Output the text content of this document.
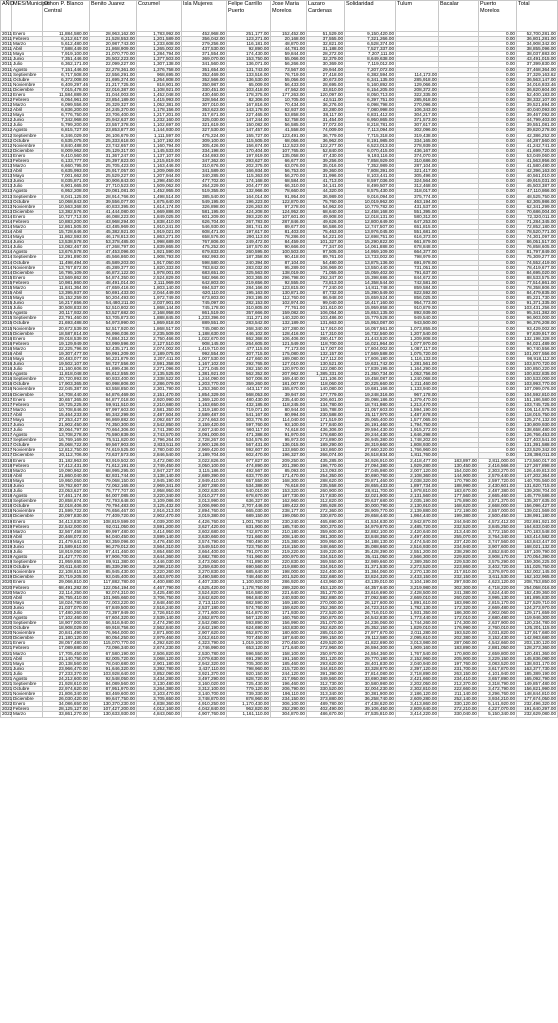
AÑO	MES/Municipio	Othon P. Blanco Central	Benito Juarez	Cozumel	Isla Mujeres	Felipe Carrillo Puerto	Jose Maria Morelos	Lazaro Cardenas	Solidaridad	Tulum	Bacalar	Puerto Morelos	Total
2011	Enero	11,884,580.00	28,963,162.00	1,783,992.00	452,968.00	251,177.00	152,452.00	51,529.00	9,150,420.00			0.00	52,700,281.00
2011	Febrero	6,212,617.00	21,528,553.00	1,201,589.00	356,042.00	123,271.00	20,168.00	37,555.00	7,321,266.00			0.00	36,801,281.00
2011	Marzo	5,612,480.00	20,987,743.00	1,233,608.00	279,256.00	116,181.00	48,870.00	32,821.00	6,528,374.00			0.00	34,908,342.00
2011	Abril	7,588,449.00	21,868,909.00	1,265,002.00	437,530.00	92,890.00	44,781.00	31,188.00	7,527,337.00			0.00	38,855,096.00
2011	Mayo	7,919,100.00	21,070,770.00	1,284,794.00	371,554.00	174,430.00	59,844.00	28,272.00	7,207,111.00			0.00	38,037,883.00
2011	Junio	7,351,446.00	25,502,223.00	1,377,503.00	369,070.00	153,750.00	55,066.00	32,379.00	8,649,638.00			0.00	43,491,015.00
2011	Julio	6,362,171.00	22,099,227.00	1,307,138.00	341,560.00	136,071.00	56,266.00	30,369.00	7,119,012.00			0.00	37,399,830.00
2011	Agosto	7,151,446.00	22,278,361.00	1,376,758.00	351,654.00	131,743.00	73,567.00	29,944.00	7,207,072.00			0.00	37,468,364.00
2011	Septiembre	6,717,508.00	22,556,291.00	968,695.00	352,469.00	133,516.00	76,719.00	27,418.00	6,382,594.00	114,173.00		0.00	37,329,163.62
2011	Octubre	6,372,008.00	21,695,374.00	1,264,808.00	352,566.00	136,530.00	55,056.00	30,673.00	6,341,135.00	285,918.00		0.00	36,563,147.00
2011	Noviembre	6,409,297.46	21,217,725.00	818,901.00	350,987.00	65,009.00	56,433.00	28,695.00	5,160,892.00	129,066.00		0.00	34,016,933.46
2011	Diciembre	7,015,478.00	22,016,387.00	1,108,921.00	330,451.00	103,418.00	47,562.00	33,810.00	6,154,205.00	208,372.00		0.00	36,820,604.00
2012	Enero	11,584,889.00	31,044,003.00	1,452,048.00	430,460.00	178,375.00	177,263.00	120,097.00	8,050,713.00	322,335.00		0.00	52,400,183.00
2012	Febrero	6,054,961.00	23,854,189.00	1,415,993.00	328,564.00	82,306.00	10,705.00	42,511.00	6,397,751.00	285,918.00		0.00	38,332,107.00
2012	Marzo	6,099,556.00	25,329,327.00	1,052,381.00	307,010.00	167,816.00	70,434.00	36,276.00	6,098,798.00	270,096.00		0.00	39,521,694.00
2012	Abril	6,836,200.00	24,245,370.00	1,178,156.00	353,623.00	143,178.00	62,937.00	33,280.00	7,080,998.00	106,343.00		0.00	40,040,093.00
2012	Mayo	6,776,750.00	23,706,400.00	1,217,201.00	317,671.00	227,465.00	53,858.00	38,117.00	6,831,412.00	304,217.00		0.00	39,467,092.00
2012	Junio	7,342,968.00	25,942,637.00	1,232,160.00	325,030.00	147,244.00	52,758.00	31,454.00	6,950,865.00	371,573.00		0.00	44,799,403.00
2012	Julio	5,799,200.00	23,557,378.00	1,102,697.00	321,619.00	150,082.00	56,585.00	37,072.00	8,218,781.00	307,617.00		0.00	39,551,081.00
2012	Agosto	6,815,727.00	23,853,877.00	1,144,930.00	327,530.00	147,457.00	41,558.00	74,009.00	7,113,094.00	302,096.00		0.00	39,820,278.00
2012	Septiembre	6,346,029.00	26,106,679.00	1,111,597.00	475,224.00	155,727.00	123,491.00	36,779.00	7,715,318.00	319,438.00		0.00	42,386,252.00
2012	Octubre	6,535,075.00	25,333,618.00	1,107,192.00	309,100.00	115,505.00	68,056.00	36,962.00	8,191,985.00	334,165.00		0.00	44,287,560.00
2012	Noviembre	8,840,488.00	23,742,657.00	1,160,794.00	305,426.00	156,674.00	112,523.00	122,277.00	6,523,013.00	278,939.00		0.00	41,242,741.00
2012	Diciembre	8,009,962.00	25,129,317.00	1,145,533.00	334,198.00	170,404.00	107,765.00	52,840.00	6,070,415.00	436,167.00		0.00	41,699,720.00
2013	Enero	9,410,560.00	31,367,247.00	1,137,107.00	434,693.00	197,919.00	135,058.00	47,430.00	9,193,116.00	374,070.00		0.00	53,049,060.00
2013	Febrero	6,133,777.00	25,397,823.00	1,215,819.00	347,362.00	293,627.00	66,677.00	39,256.00	7,858,929.00	310,686.00		0.00	41,563,956.00
2013	Marzo	6,660,795.00	25,705,423.00	1,163,446.00	310,676.00	202,375.00	63,076.00	35,016.00	7,352,989.00	287,104.00		0.00	41,580,480.00
2013	Abril	6,635,993.00	25,917,057.00	1,209,069.00	341,589.00	166,934.00	56,753.00	39,360.00	7,808,391.00	321,417.00		0.00	42,396,163.00
2013	Mayo	7,001,662.00	25,529,227.00	1,207,944.00	340,285.00	115,363.00	56,270.00	31,996.00	8,103,441.00	305,496.00		0.00	40,561,010.00
2013	Junio	8,035,871.00	30,906,843.00	1,298,450.00	477,702.00	174,168.00	68,584.00	41,713.00	8,597,036.00	324,564.00		0.00	49,915,031.00
2013	Julio	6,901,665.00	27,710,523.00	1,509,062.00	264,229.00	204,477.00	66,310.00	34,141.00	8,499,507.00	312,468.00		0.00	45,503,387.00
2013	Agosto	6,952,208.00	29,081,081.00	1,452,955.00	519,355.00	132,966.00	78,660.00	44,320.00	8,575,430.00	318,017.00		0.00	47,110,866.00
2013	Septiembre	8,041,125.00	28,914,766.00	1,498,514.00	385,540.00	164,014.00	91,954.00	36,989.00	9,016,094.00	375,774.00		0.00	48,525,750.00
2013	Octubre	10,068,843.00	39,556,077.00	1,675,640.00	549,195.00	196,223.00	122,870.00	75,760.00	10,019,962.00	463,194.00		0.00	62,305,986.00
2013	Noviembre	10,563,368.00	40,833,395.00	1,614,174.00	326,898.00	226,263.00	97,278.00	54,962.00	10,779,782.00	431,537.00		0.00	62,341,299.00
2013	Diciembre	13,382,576.00	41,444,080.00	1,669,886.00	581,195.00	424,208.00	124,952.00	68,640.00	12,458,168.00	551,395.00		0.00	70,686,004.00
2014	Enero	10,727,713.00	46,088,223.00	1,849,025.00	601,209.00	393,220.00	107,601.00	49,908.00	12,018,131.00	580,312.00		0.00	72,320,011.00
2014	Febrero	10,883,200.00	43,968,294.00	1,838,410.00	626,704.00	267,783.00	287,846.00	49,626.00	12,800,649.00	647,253.00		0.00	71,284,345.00
2014	Marzo	12,861,505.00	43,485,969.00	1,910,241.00	546,930.00	381,741.00	89,677.00	56,586.00	12,747,507.00	651,815.00		0.00	72,852,180.00
2014	Abril	15,728,646.00	45,382,921.00	1,919,021.00	608,471.00	197,617.00	81,403.00	75,463.00	13,976,045.00	551,681.00		0.00	78,520,771.00
2014	Mayo	11,862,593.00	46,178,813.00	1,863,271.00	658,576.00	290,113.00	78,286.00	54,221.00	12,698,751.00	616,373.00		0.00	74,301,097.00
2014	Junio	13,538,578.00	53,378,485.00	1,998,689.00	767,806.00	249,472.00	84,459.00	101,327.00	15,290,822.00	661,879.00		0.00	86,051,517.00
2014	Julio	13,082,467.00	47,268,797.00	1,839,865.00	475,252.00	187,570.00	90,666.00	77,347.00	14,061,888.00	678,848.00		0.00	76,858,605.00
2014	Agosto	13,676,578.00	47,453,096.00	1,921,590.00	679,833.00	260,595.00	100,503.00	97,505.00	14,959,109.00	664,377.00		0.00	81,797,849.00
2014	Septiembre	12,291,890.00	45,566,860.00	1,908,793.00	692,993.00	187,358.00	90,418.00	89,761.00	13,733,002.00	798,979.00		0.00	75,309,277.00
2014	Octubre	11,498,494.00	45,589,203.00	1,917,050.00	598,580.00	240,394.00	87,104.00	54,480.00	13,875,136.00	691,978.00		0.00	74,552,419.00
2014	Noviembre	13,767,872.00	45,289,377.00	1,820,333.00	783,842.00	283,032.00	95,289.00	106,969.00	13,550,440.00	731,051.00		0.00	78,419,677.00
2014	Diciembre	16,795,109.00	46,872,122.00	1,978,001.00	683,651.00	325,563.00	138,019.00	71,055.00	15,059,402.00	791,637.00		0.00	84,695,020.00
2015	Enero	13,569,862.00	54,874,350.00	2,524,829.00	582,966.00	303,365.00	296,798.00	292,347.00	15,398,686.00	844,672.00		0.00	88,533,575.00
2015	Febrero	10,981,860.00	48,491,014.00	2,111,969.00	642,803.00	219,656.00	92,555.00	73,813.00	14,358,544.00	742,581.00		0.00	77,514,861.00
2015	Marzo	11,841,364.00	47,659,416.00	1,803,140.00	694,537.00	284,166.00	123,815.00	77,240.00	14,811,748.00	859,584.00		0.00	78,358,806.00
2015	Abril	13,395,937.00	50,691,433.00	2,044,449.00	620,110.00	195,163.00	130,871.00	87,732.00	15,390,549.00	822,592.00		0.00	84,479,835.00
2015	Mayo	15,152,259.00	50,204,493.00	1,972,749.00	673,803.00	293,195.00	112,760.00	86,948.00	15,659,524.00	856,025.00		0.00	85,221,730.00
2015	Junio	16,217,656.00	54,480,211.00	2,037,901.00	745,097.00	282,153.00	102,974.00	99,040.00	16,417,160.00	954,773.00		0.00	91,371,335.00
2015	Julio	30,508,833.00	52,510,802.00	1,868,144.00	745,178.00	310,805.00	77,761.00	101,610.00	15,959,858.00	910,879.00		0.00	103,431,256.00
2015	Agosto	20,117,932.00	53,527,682.00	2,168,958.00	861,519.00	357,666.00	159,082.00	106,054.00	15,653,135.00	892,939.00		0.00	95,341,382.00
2015	Septiembre	23,791,460.00	53,705,873.00	1,888,845.00	1,233,396.00	311,271.00	140,320.00	103,486.00	15,779,528.00	949,540.00		0.00	96,903,000.00
2015	Octubre	21,693,488.00	54,973,990.00	1,869,818.00	889,551.00	283,542.00	132,189.00	131,663.00	15,953,087.00	943,500.00		0.00	96,376,208.00
2015	Noviembre	20,672,539.00	52,517,920.00	1,868,517.00	745,080.00	268,340.00	107,280.00	117,910.00	16,057,561.00	1,073,855.00		0.00	93,429,002.00
2015	Diciembre	18,587,814.00	56,996,036.00	2,235,509.00	1,188,630.00	446,102.00	128,416.00	117,310.00	16,732,560.00	1,207,540.00		0.00	97,639,917.00
2016	Enero	29,018,539.00	74,884,312.00	2,750,466.00	1,022,670.00	862,368.00	106,406.00	280,417.00	21,443,520.00	1,209,808.00		0.00	132,198,328.00
2016	Febrero	19,129,949.00	53,999,596.00	2,127,510.00	908,145.00	264,605.00	121,549.00	118,700.00	16,021,964.00	1,077,970.00		0.00	94,021,489.00
2016	Marzo	22,225,796.00	52,435,171.00	2,074,002.00	1,419,710.00	477,115.00	77,173.00	117,007.00	17,604,002.00	1,087,117.00		0.00	90,740,556.00
2016	Abril	19,307,477.00	59,991,209.00	2,189,075.00	992,554.00	307,715.00	175,080.00	132,157.00	17,569,588.00	1,075,720.00		0.00	101,007,556.00
2016	Mayo	20,483,077.00	56,221,879.00	2,207,411.00	1,007,530.00	427,660.00	189,080.00	127,112.00	17,606,180.00	1,116,133.00		0.00	98,918,112.00
2016	Junio	19,502,107.00	58,727,556.00	2,591,358.00	1,167,102.00	292,765.00	127,010.00	130,521.00	19,631,742.00	1,281,561.00		0.00	103,570,720.00
2016	Julio	21,160,606.00	61,699,436.00	2,271,096.00	1,271,045.00	282,150.00	120,970.00	122,080.00	17,839,195.00	1,164,290.00		0.00	100,850,220.00
2016	Agosto	11,818,048.00	65,612,555.00	2,135,525.00	1,381,921.00	562,352.00	207,962.00	1,385,331.00	21,350,734.00	1,052,756.00		0.00	100,832,835.00
2016	Septiembre	20,720,993.00	60,933,400.00	2,338,522.00	1,244,090.00	507,006.00	169,440.00	121,106.00	19,458,087.00	1,240,068.00		0.00	100,533,000.00
2016	Octubre	17,903,365.00	60,998,806.00	2,286,079.00	1,203,770.00	359,260.00	181,007.00	118,060.00	20,225,660.00	1,211,460.00		0.00	103,993,770.00
2016	Noviembre	22,045,387.00	63,558,850.00	2,301,790.00	1,253,360.00	443,117.00	155,670.00	140,080.00	19,681,166.00	1,133,940.00		0.00	107,099,076.00
2016	Diciembre	14,708,440.00	64,876,469.00	2,151,470.00	1,854,329.00	568,053.00	39,947.00	177,779.00	19,248,316.00	967,178.00		0.00	104,592,810.00
2017	Enero	30,657,365.00	84,877,018.00	2,920,990.00	1,369,120.00	480,430.00	235,440.00	206,601.00	25,098,186.00	1,379,470.00		0.00	151,186,580.00
2017	Febrero	19,725,225.00	59,911,510.00	2,210,680.00	1,163,650.00	432,185.00	118,245.00	134,780.00	18,741,980.00	1,213,470.00		0.00	103,745,725.00
2017	Marzo	10,708,846.00	67,997,603.00	2,581,350.00	1,319,180.00	719,071.00	80,944.00	155,788.00	21,057,603.00	1,594,190.00		0.00	106,114,575.00
2017	Abril	15,464,233.00	65,342,299.00	2,487,504.00	2,589,487.00	541,167.00	80,994.00	230,588.00	25,117,970.00	1,487,678.00		0.00	118,015,750.00
2017	Mayo	27,253,427.00	66,869,882.00	2,092,657.00	2,274,663.00	303,776.00	114,040.00	171,519.00	25,065,400.00	1,577,065.00		0.00	125,274,132.00
2017	Junio	21,902,450.00	74,350,300.00	2,542,850.00	3,159,420.00	597,760.00	93,100.00	177,840.00	26,191,460.00	1,794,750.00		0.00	130,809,930.00
2017	Julio	30,064,797.00	70,664,306.00	2,741,390.00	2,607,240.00	560,117.00	74,618.00	436,306.00	29,594,430.00	1,915,272.00		0.00	138,658,480.00
2017	Agosto	13,708,278.00	75,590,839.00	2,743,570.00	3,091,000.00	471,388.00	91,970.00	178,680.00	29,244,430.00	1,646,298.00		0.00	126,766,453.00
2017	Septiembre	16,769,169.00	75,511,820.00	2,796,264.00	2,728,267.00	534,576.00	95,973.00	273,890.00	26,945,380.00	1,748,202.00		0.00	127,403,541.00
2017	Octubre	25,068,722.00	69,567,903.00	2,833,511.00	2,900,126.00	567,431.00	136,015.00	189,290.00	28,319,660.00	1,808,930.00		0.00	131,391,588.00
2017	Noviembre	12,812,750.00	74,619,525.00	2,780,040.00	2,969,420.00	592,607.00	133,860.00	193,860.00	27,660,320.00	1,766,960.00		0.00	123,529,342.00
2017	Diciembre	20,112,706.00	73,637,573.00	2,846,540.00	2,189,704.00	602,470.00	196,327.00	266,074.00	26,518,834.00	1,811,760.00		0.00	128,398,011.00
2018	Enero	31,182,963.00	93,919,502.00	3,472,080.00	3,022,826.00	977,827.00	209,250.00	435,285.00	34,926,910.00	2,418,477.00	183,897.00	2,811,000.00	173,560,017.00
2018	Febrero	17,412,431.00	71,612,191.00	2,749,450.00	3,050,100.00	474,890.00	201,390.00	196,770.00	27,094,380.00	1,929,280.00	130,450.00	2,416,566.00	127,267,898.00
2018	Marzo	19,090,962.00	68,995,295.00	2,947,227.00	3,115,186.00	492,567.00	85,093.00	213,093.00	27,045,980.00	2,007,120.00	154,020.00	2,303,270.00	126,449,813.00
2018	Abril	21,860,040.00	82,931,744.00	3,138,140.00	2,689,390.00	633,770.00	171,470.00	254,350.00	30,690,760.00	2,108,360.00	144,900.00	2,579,440.00	147,202,364.00
2018	Mayo	19,950,050.00	79,068,150.00	2,945,190.00	2,949,410.00	657,550.00	168,300.00	288,620.00	29,871,460.00	2,038,320.00	170,790.00	2,597,720.00	140,705,560.00
2018	Junio	19,762,607.00	72,062,165.00	2,969,341.00	2,807,280.00	534,388.00	76,618.00	235,558.00	28,655,433.00	1,897,734.00	188,990.00	2,430,601.00	131,620,715.00
2018	Julio	23,053,627.00	75,777,707.00	2,958,950.00	3,002,630.00	540,010.00	153,320.00	260,900.00	28,811,700.00	1,978,810.00	183,670.00	2,487,380.00	139,208,704.00
2018	Agosto	17,461,174.00	84,007,085.00	3,220,340.00	3,010,277.00	678,670.00	187,730.00	217,830.00	32,021,900.00	2,131,560.00	177,560.00	2,665,460.00	145,779,586.00
2018	Septiembre	20,858,674.00	72,793,648.00	3,109,086.00	3,013,990.00	636,327.00	162,960.00	312,820.00	29,637,680.00	2,035,190.00	175,890.00	2,571,370.00	135,307,635.00
2018	Octubre	32,018,406.00	79,794,483.00	3,125,432.00	3,006,990.00	2,707,446.00	189,422.00	285,928.00	30,000,790.00	2,130,910.00	168,620.00	2,668,000.00	156,096,427.00
2018	Noviembre	21,599,722.00	76,656,467.00	2,916,213.00	2,894,760.00	665,030.00	238,177.00	272,360.00	28,909,770.00	2,139,880.00	172,190.00	2,557,000.00	139,021,569.00
2018	Diciembre	20,097,830.00	77,409,720.00	2,902,470.00	3,019,380.00	689,150.00	199,050.00	330,870.00	29,658,440.00	1,984,440.00	199,380.00	2,500,450.00	138,991,180.00
2019	Enero	34,413,830.00	108,819,599.00	4,039,200.00	4,426,760.00	1,001,750.00	230,240.00	465,690.00	41,534,630.00	2,942,870.00	244,940.00	4,572,412.00	202,691,921.00
2019	Febrero	22,542,000.00	92,011,050.00	3,591,200.00	3,627,420.00	831,900.00	185,740.00	300,370.00	34,979,870.00	2,485,720.00	232,520.00	3,845,250.00	164,633,040.00
2019	Marzo	32,567,458.00	89,997,480.00	3,414,950.00	3,602,680.00	742,870.00	210,180.00	359,600.00	32,882,100.00	2,420,640.00	213,440.00	3,772,150.00	170,183,548.00
2019	Abril	20,468,072.00	94,040,450.00	3,599,140.00	3,630,660.00	721,660.00	208,140.00	381,300.00	33,848,350.00	2,497,400.00	255,070.00	3,764,340.00	163,414,582.00
2019	Mayo	21,479,641.00	93,359,096.00	3,476,450.00	3,574,790.00	780,490.00	215,380.00	309,950.00	34,188,130.00	2,474,540.00	237,420.00	3,747,560.00	163,843,447.00
2019	Junio	21,589,610.00	96,279,012.00	3,564,310.00	3,549,510.00	723,750.00	218,150.00	348,660.00	35,088,660.00	2,516,930.00	234,940.00	3,907,600.00	168,021,132.00
2019	Julio	18,919,050.00	97,441,460.00	3,654,650.00	3,664,400.00	791,070.00	219,220.00	349,220.00	35,428,390.00	2,551,200.00	238,290.00	3,852,840.00	167,109,790.00
2019	Agosto	21,427,770.00	97,906,700.00	3,644,360.00	3,682,780.00	741,960.00	200,970.00	334,510.00	35,411,050.00	2,566,300.00	229,820.00	3,908,170.00	170,054,390.00
2019	Septiembre	21,959,655.00	89,911,380.00	3,446,030.00	3,473,060.00	741,890.00	220,830.00	369,550.00	32,989,660.00	2,389,350.00	229,530.00	3,575,290.00	159,306,225.00
2019	Octubre	20,611,640.00	85,339,290.00	3,298,210.00	3,259,630.00	690,560.00	219,880.00	334,910.00	31,371,530.00	2,273,520.00	223,860.00	3,402,720.00	151,025,750.00
2019	Noviembre	22,108,615.00	85,945,430.00	3,220,260.00	3,270,830.00	685,640.00	198,000.00	324,400.00	31,384,060.00	2,270,130.00	217,810.00	3,376,970.00	152,002,145.00
2019	Diciembre	20,719,205.00	93,045,400.00	3,463,970.00	3,490,580.00	748,460.00	201,520.00	332,680.00	33,824,320.00	2,433,150.00	232,150.00	3,611,530.00	162,102,965.00
2020	Enero	29,066,810.00	117,882,780.00	4,400,880.00	4,407,330.00	1,100,920.00	286,920.00	443,960.00	43,139,010.00	3,104,190.00	297,930.00	4,623,120.00	208,753,850.00
2020	Febrero	68,491,282.00	122,054,194.00	4,467,790.00	4,525,420.00	1,178,750.00	289,320.00	453,120.00	44,357,640.00	3,219,980.00	302,300.00	4,718,220.00	254,058,016.00
2020	Marzo	22,114,250.00	92,074,310.00	3,425,480.00	3,524,820.00	816,580.00	221,640.00	351,270.00	33,616,690.00	2,428,500.00	241,380.00	3,624,440.00	162,439,360.00
2020	Abril	26,755,410.00	101,965,660.00	3,706,750.00	3,842,620.00	984,840.00	240,930.00	382,880.00	37,092,580.00	2,669,010.00	260,020.00	3,995,130.00	181,895,830.00
2020	Mayo	18,024,780.00	72,003,220.00	2,648,460.00	2,713,110.00	682,590.00	169,180.00	270,000.00	26,127,600.00	1,891,610.00	183,990.00	2,815,170.00	127,529,710.00
2020	Junio	21,037,070.00	67,849,500.00	2,516,240.00	2,537,180.00	574,760.00	159,620.00	252,360.00	24,723,310.00	1,782,130.00	172,320.00	2,669,480.00	124,273,970.00
2020	Julio	17,480,260.00	73,397,949.00	2,726,810.00	2,771,600.00	614,870.00	171,930.00	272,520.00	26,716,010.00	1,931,350.00	186,300.00	2,902,060.00	129,171,659.00
2020	Agosto	17,102,460.00	67,604,320.00	2,539,140.00	2,552,870.00	567,120.00	160,760.00	250,870.00	24,542,830.00	1,773,440.00	172,010.00	2,680,480.00	119,946,300.00
2020	Septiembre	18,907,000.00	66,516,940.00	2,474,290.00	2,542,080.00	593,890.00	156,990.00	251,070.00	24,236,060.00	1,744,260.00	174,300.00	2,637,900.00	120,234,780.00
2020	Octubre	18,908,029.00	69,918,756.00	2,562,840.00	2,642,190.00	624,690.00	163,830.00	262,620.00	25,352,150.00	1,829,010.00	176,990.00	2,760,010.00	125,201,115.00
2020	Noviembre	20,841,490.00	76,964,000.00	2,871,800.00	2,907,620.00	652,870.00	180,600.00	285,010.00	27,977,670.00	2,011,280.00	193,520.00	3,031,820.00	137,917,680.00
2020	Diciembre	21,180,120.00	80,054,250.00	2,979,460.00	3,012,610.00	707,450.00	187,640.00	299,150.00	29,112,580.00	2,095,610.00	202,380.00	3,152,430.00	142,983,680.00
2021	Enero	28,057,480.00	115,070,770.00	4,292,620.00	4,323,790.00	1,019,100.00	270,450.00	429,520.00	41,822,690.00	3,013,980.00	287,060.00	4,542,660.00	203,130,120.00
2021	Febrero	17,089,680.00	73,096,340.00	2,674,230.00	2,746,990.00	653,120.00	171,640.00	272,960.00	26,594,300.00	1,909,160.00	183,890.00	2,881,050.00	128,273,360.00
2021	Marzo	17,705,450.00	67,580,190.00	2,506,820.00	2,530,780.00	596,550.00	158,100.00	250,970.00	24,554,360.00	1,767,540.00	170,800.00	2,659,800.00	120,481,360.00
2021	Abril	21,140,750.00	82,005,720.00	3,068,120.00	3,079,630.00	691,290.00	191,160.00	301,120.00	29,770,180.00	2,152,960.00	205,900.00	3,229,150.00	145,836,080.00
2021	Mayo	20,138,560.00	78,040,680.00	2,901,180.00	2,942,320.00	705,300.00	185,460.00	293,620.00	28,401,830.00	2,040,940.00	197,760.00	3,083,520.00	138,931,170.00
2021	Junio	23,966,470.00	91,646,320.00	3,392,780.00	3,437,110.00	798,960.00	215,720.00	344,810.00	33,328,870.00	2,397,120.00	231,700.00	3,617,870.00	163,377,730.00
2021	Julio	27,233,370.00	103,928,640.00	3,852,090.00	3,921,370.00	920,150.00	244,120.00	391,390.00	37,814,080.00	2,718,890.00	263,150.00	4,101,940.00	185,389,190.00
2021	Agosto	24,212,600.00	92,548,050.00	3,434,280.00	3,497,290.00	828,720.00	217,950.00	349,560.00	33,690,380.00	2,421,660.00	234,410.00	3,657,890.00	165,092,790.00
2021	Septiembre	21,928,610.00	84,089,560.00	3,130,480.00	3,160,020.00	725,430.00	196,460.00	312,730.00	30,580,980.00	2,202,050.00	212,370.00	3,318,790.00	149,857,480.00
2021	Octubre	22,974,620.00	87,951,970.00	3,264,380.00	3,312,100.00	779,120.00	206,790.00	330,520.00	32,004,230.00	2,302,810.00	222,660.00	3,472,790.00	156,821,990.00
2021	Noviembre	21,806,340.00	83,469,600.00	3,103,470.00	3,140,700.00	739,330.00	196,110.00	313,340.00	30,381,900.00	2,186,120.00	211,140.00	3,296,760.00	148,844,810.00
2021	Diciembre	26,030,420.00	99,647,750.00	3,705,650.00	3,748,870.00	878,960.00	234,150.00	373,880.00	36,258,740.00	2,609,280.00	252,140.00	3,934,210.00	177,674,050.00
2022	Enero	34,086,650.00	130,370,230.00	4,838,360.00	4,910,250.00	1,170,430.00	306,100.00	489,780.00	47,438,620.00	3,413,860.00	330,120.00	5,141,920.00	232,496,320.00
2022	Febrero	28,125,127.00	107,427,200.00	4,012,160.00	4,042,840.00	962,820.00	252,290.00	402,490.00	39,106,450.00	2,809,640.00	272,210.00	4,227,070.00	191,640,297.00
2022	Marzo	33,861,270.00	130,633,930.00	4,843,060.00	4,907,760.00	1,161,110.00	304,870.00	486,670.00	47,535,810.00	3,414,220.00	330,040.00	5,150,340.00	232,629,080.00
